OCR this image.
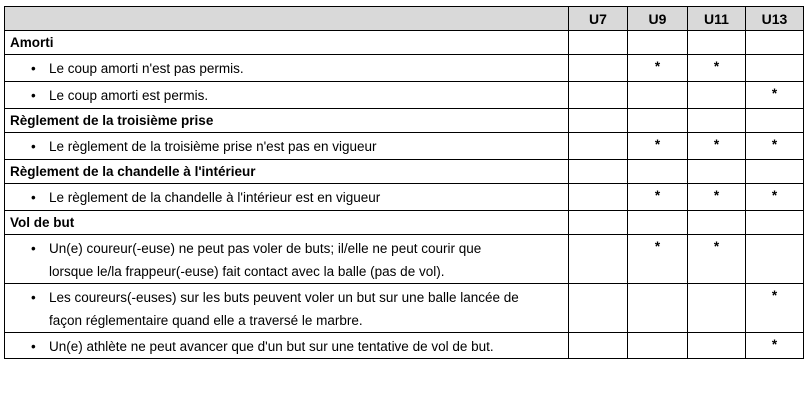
	U7	U9	U11	U13
Amorti				

• Le coup amorti n'est pas permis.		*	*	

• Le coup amorti est permis.				*
Règlement de la troisième prise				

• Le règlement de la troisième prise n'est pas en vigueur		*	*	*
Règlement de la chandelle à l'intérieur				

• Le règlement de la chandelle à l'intérieur est en vigueur		*	*	*
Vol de but				

• Un(e) coureur(-euse) ne peut pas voler de buts; il/elle ne peut courir que lorsque le/la frappeur(-euse) fait contact avec la balle (pas de vol).		*	*	

• Les coureurs(-euses) sur les buts peuvent voler un but sur une balle lancée de façon réglementaire quand elle a traversé le marbre.				*

• Un(e) athlète ne peut avancer que d'un but sur une tentative de vol de but.				*
